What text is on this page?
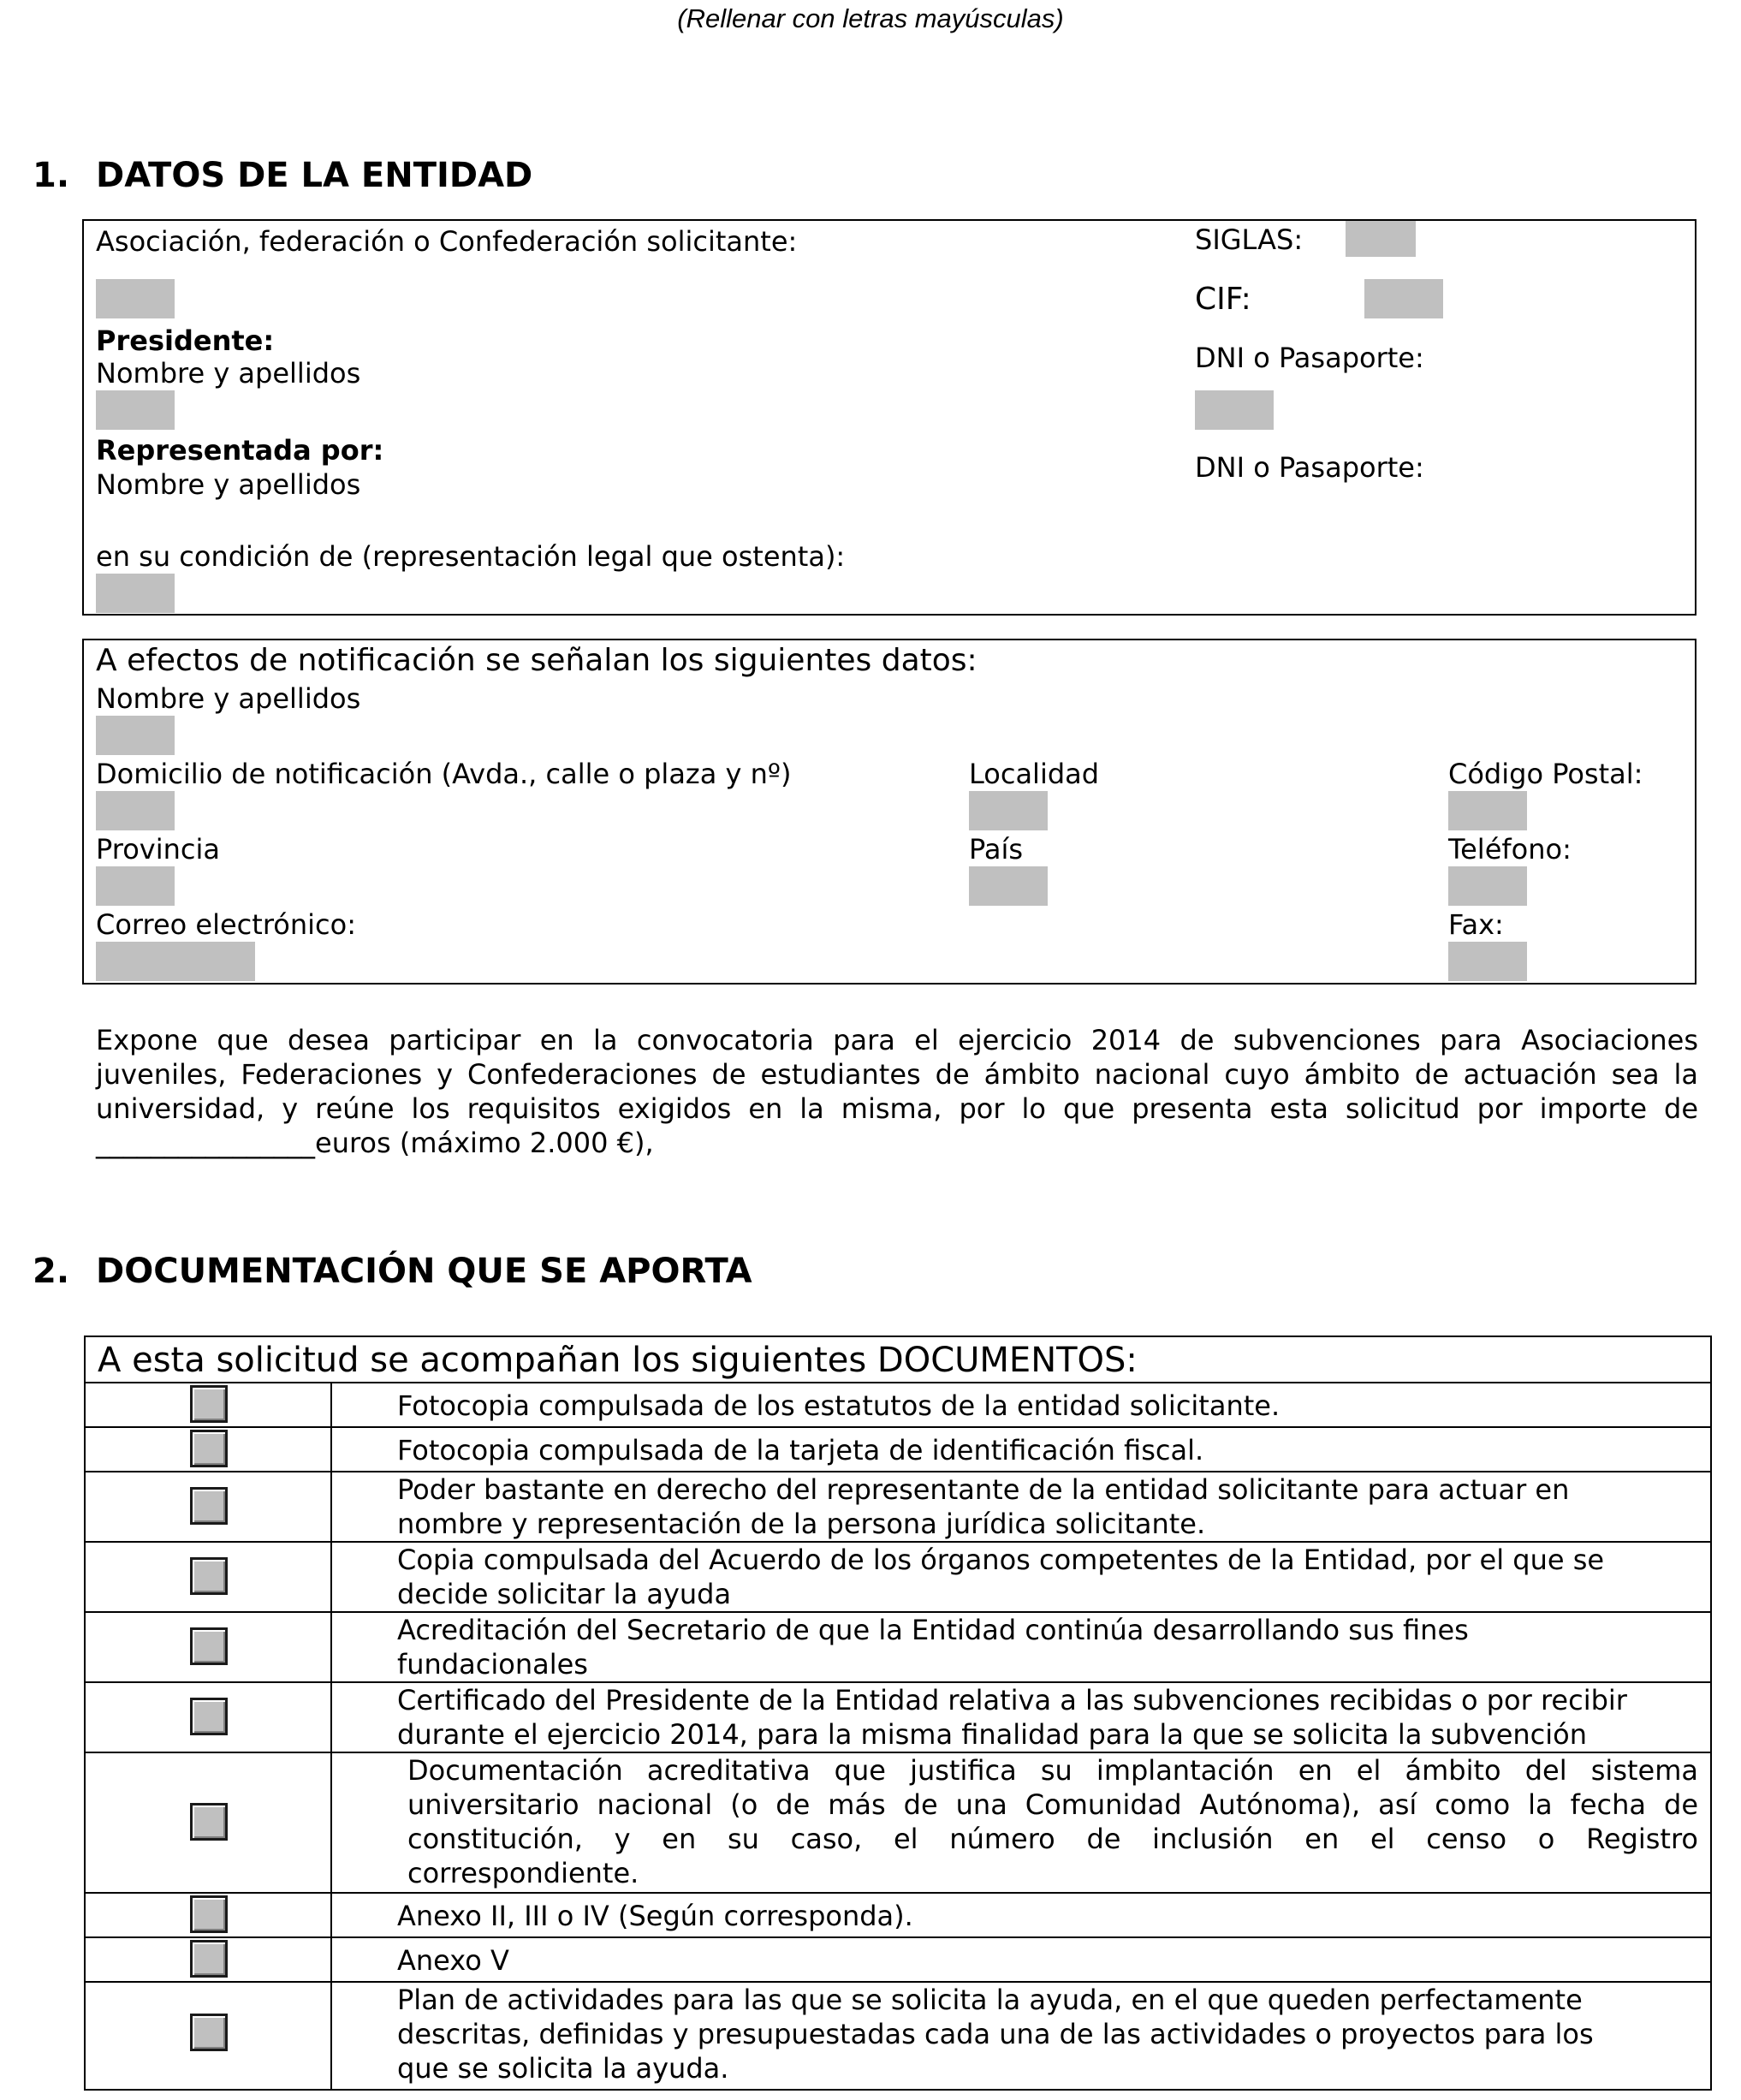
(Rellenar con letras mayúsculas)
1. DATOS DE LA ENTIDAD
Asociación, federación o Confederación solicitante:	SIGLAS:
CIF:
Presidente:
Nombre y apellidos	DNI o Pasaporte:
Representada por:
Nombre y apellidos
DNI o Pasaporte:
en su condición de (representación legal que ostenta):
A efectos de notificación se señalan los siguientes datos:
Nombre y apellidos
Domicilio de notificación (Avda., calle o plaza y nº)	Localidad	Código Postal:
Provincia	País	Teléfono:
Correo electrónico:	Fax:
Expone que desea participar en la convocatoria para el ejercicio 2014 de subvenciones para Asociaciones
juveniles, Federaciones y Confederaciones de estudiantes de ámbito nacional cuyo ámbito de actuación sea la
universidad, y reúne los requisitos exigidos en la misma, por lo que presenta esta solicitud por importe de
________________euros (máximo 2.000 €),
2. DOCUMENTACIÓN QUE SE APORTA
A esta solicitud se acompañan los siguientes DOCUMENTOS:
Fotocopia compulsada de los estatutos de la entidad solicitante.
Fotocopia compulsada de la tarjeta de identificación fiscal.
Poder bastante en derecho del representante de la entidad solicitante para actuar en
nombre y representación de la persona jurídica solicitante.
Copia compulsada del Acuerdo de los órganos competentes de la Entidad, por el que se
decide solicitar la ayuda
Acreditación del Secretario de que la Entidad continúa desarrollando sus fines
fundacionales
Certificado del Presidente de la Entidad relativa a las subvenciones recibidas o por recibir
durante el ejercicio 2014, para la misma finalidad para la que se solicita la subvención
Documentación acreditativa que justifica su implantación en el ámbito del sistema
universitario nacional (o de más de una Comunidad Autónoma), así como la fecha de
constitución, y en su caso, el número de inclusión en el censo o Registro
correspondiente.
Anexo II, III o IV (Según corresponda).
Anexo V
Plan de actividades para las que se solicita la ayuda, en el que queden perfectamente
descritas, definidas y presupuestadas cada una de las actividades o proyectos para los
que se solicita la ayuda.
